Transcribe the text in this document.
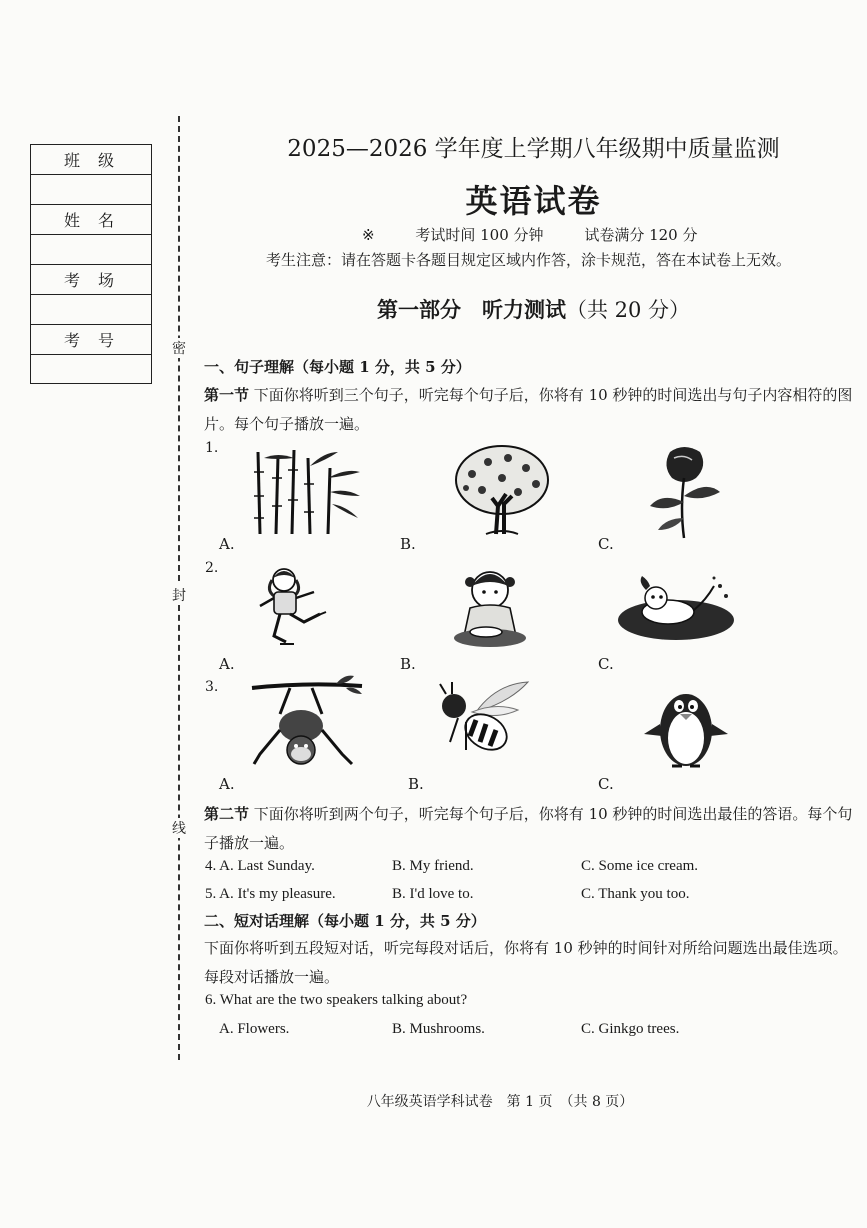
班级
姓名
考场
考号	密
封
线
2025—2026 学年度上学期八年级期中质量监测
英语试卷
※	考试时间 100 分钟	试卷满分 120 分
考生注意：请在答题卡各题目规定区域内作答，涂卡规范，答在本试卷上无效。
第一部分　听力测试（共 20 分）
一、句子理解（每小题 1 分，共 5 分）
第一节 下面你将听到三个句子，听完每个句子后，你将有 10 秒钟的时间选出与句子内容相符的图片。每个句子播放一遍。
1.
A.	B.	C.
2.
A.	B.	C.
3.
A.	B.	C.
第二节 下面你将听到两个句子，听完每个句子后，你将有 10 秒钟的时间选出最佳的答语。每个句子播放一遍。
4. A. Last Sunday.	B. My friend.	C. Some ice cream.
5. A. It's my pleasure.	B. I'd love to.	C. Thank you too.
二、短对话理解（每小题 1 分，共 5 分）
下面你将听到五段短对话，听完每段对话后，你将有 10 秒钟的时间针对所给问题选出最佳选项。每段对话播放一遍。
6. What are the two speakers talking about?
A. Flowers.	B. Mushrooms.	C. Ginkgo trees.
八年级英语学科试卷　第 1 页　（共 8 页）
